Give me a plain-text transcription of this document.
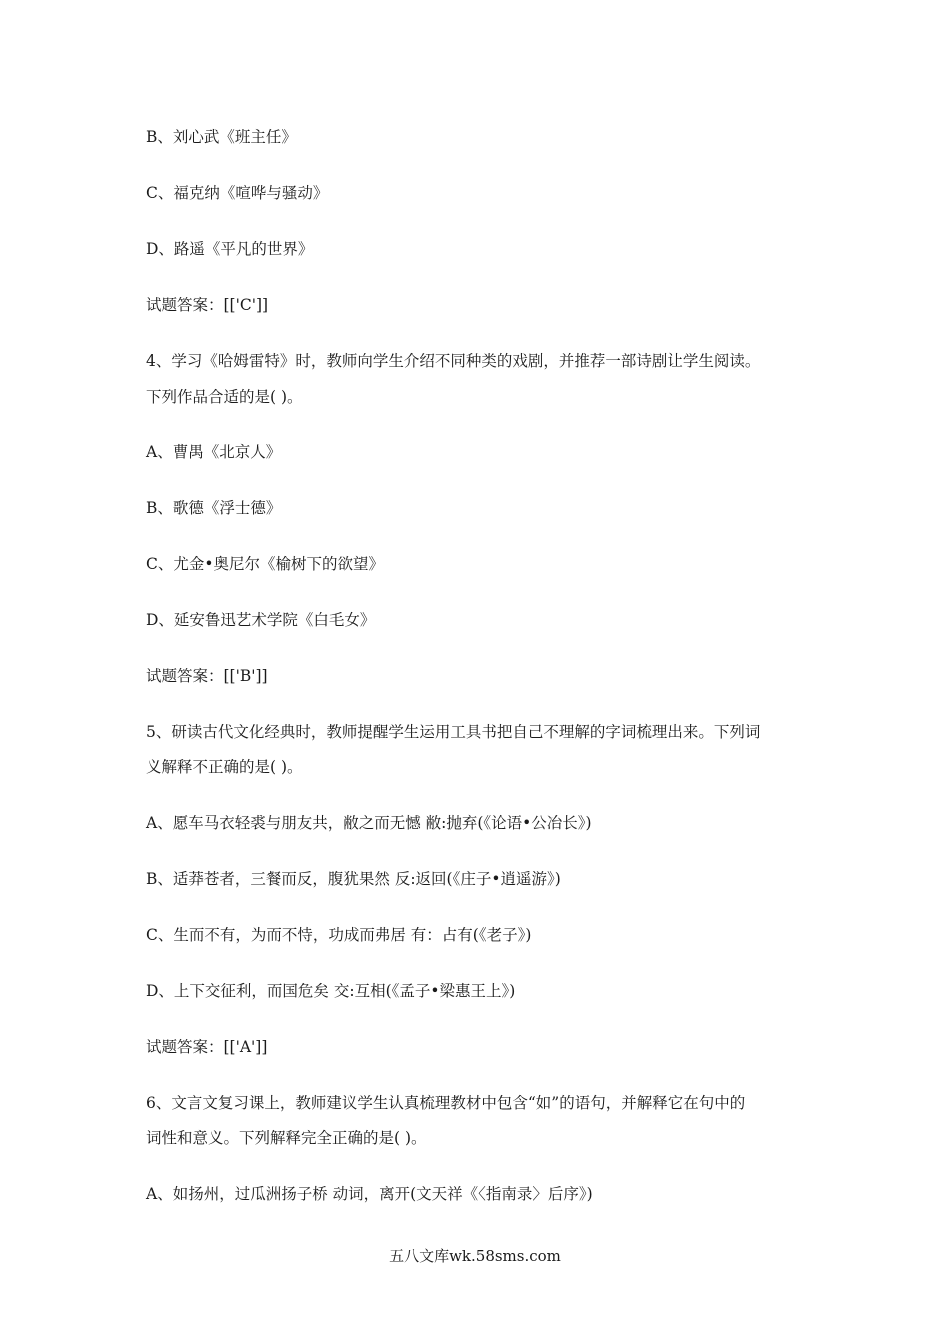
B、刘心武《班主任》
C、福克纳《喧哗与骚动》
D、路遥《平凡的世界》
试题答案：[['C']]
4、学习《哈姆雷特》时，教师向学生介绍不同种类的戏剧，并推荐一部诗剧让学生阅读。
下列作品合适的是( )。
A、曹禺《北京人》
B、歌德《浮士德》
C、尤金•奥尼尔《榆树下的欲望》
D、延安鲁迅艺术学院《白毛女》
试题答案：[['B']]
5、研读古代文化经典时，教师提醒学生运用工具书把自己不理解的字词梳理出来。下列词
义解释不正确的是( )。
A、愿车马衣轻裘与朋友共，敝之而无憾 敝:抛弃(《论语•公冶长》)
B、适莽苍者，三餐而反，腹犹果然 反:返回(《庄子•逍遥游》)
C、生而不有，为而不恃，功成而弗居 有：占有(《老子》)
D、上下交征利，而国危矣 交:互相(《孟子•梁惠王上》)
试题答案：[['A']]
6、文言文复习课上，教师建议学生认真梳理教材中包含“如”的语句，并解释它在句中的
词性和意义。下列解释完全正确的是( )。
A、如扬州，过瓜洲扬子桥 动词，离开(文天祥《〈指南录〉后序》)
五八文库wk.58sms.com
